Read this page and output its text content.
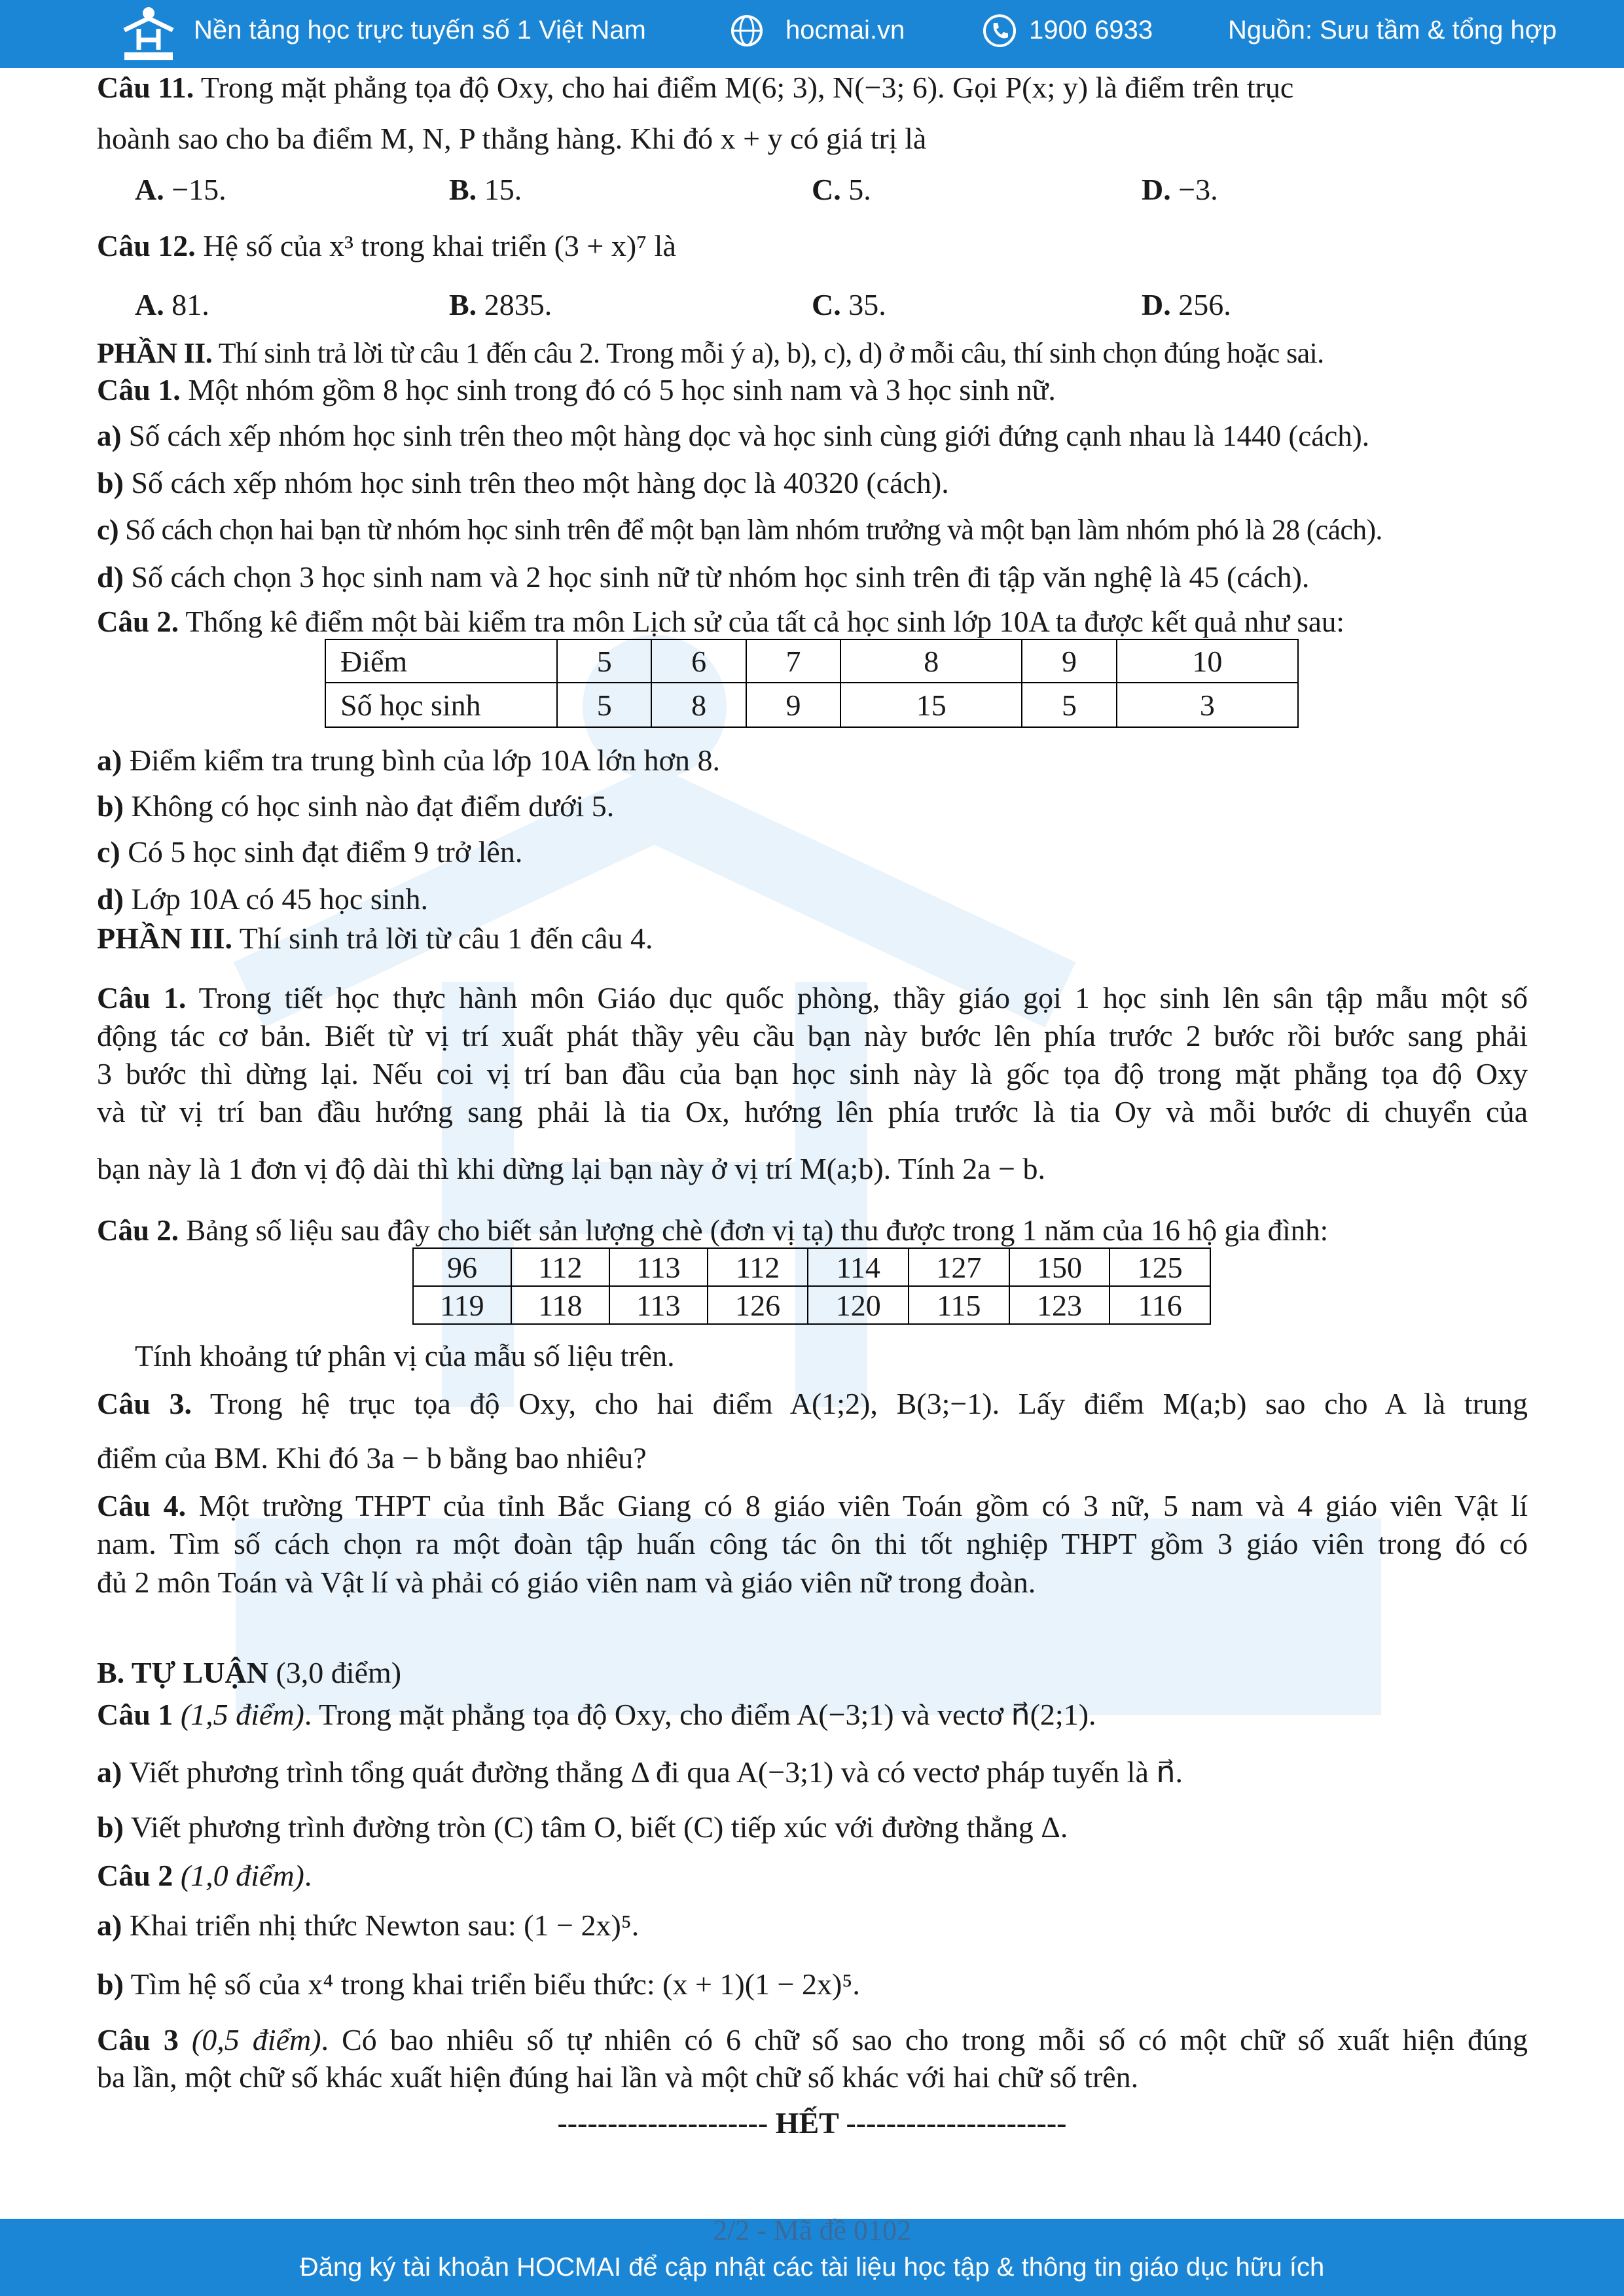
Nền tảng học trực tuyến số 1 Việt Nam	hocmai.vn	1900 6933	Nguồn: Sưu tầm & tổng hợp
Câu 11. Trong mặt phẳng tọa độ Oxy, cho hai điểm M(6; 3), N(−3; 6). Gọi P(x; y) là điểm trên trục
hoành sao cho ba điểm M, N, P thẳng hàng. Khi đó x + y có giá trị là
A. −15.	B. 15.	C. 5.	D. −3.
Câu 12. Hệ số của x³ trong khai triển (3 + x)⁷ là
A. 81.	B. 2835.	C. 35.	D. 256.
PHẦN II. Thí sinh trả lời từ câu 1 đến câu 2. Trong mỗi ý a), b), c), d) ở mỗi câu, thí sinh chọn đúng hoặc sai.
Câu 1. Một nhóm gồm 8 học sinh trong đó có 5 học sinh nam và 3 học sinh nữ.
a) Số cách xếp nhóm học sinh trên theo một hàng dọc và học sinh cùng giới đứng cạnh nhau là 1440 (cách).
b) Số cách xếp nhóm học sinh trên theo một hàng dọc là 40320 (cách).
c) Số cách chọn hai bạn từ nhóm học sinh trên để một bạn làm nhóm trưởng và một bạn làm nhóm phó là 28 (cách).
d) Số cách chọn 3 học sinh nam và 2 học sinh nữ từ nhóm học sinh trên đi tập văn nghệ là 45 (cách).
Câu 2. Thống kê điểm một bài kiểm tra môn Lịch sử của tất cả học sinh lớp 10A ta được kết quả như sau:
Điểm	5	6	7	8	9	10
Số học sinh	5	8	9	15	5	3
a) Điểm kiểm tra trung bình của lớp 10A lớn hơn 8.
b) Không có học sinh nào đạt điểm dưới 5.
c) Có 5 học sinh đạt điểm 9 trở lên.
d) Lớp 10A có 45 học sinh.
PHẦN III. Thí sinh trả lời từ câu 1 đến câu 4.
Câu 1. Trong tiết học thực hành môn Giáo dục quốc phòng, thầy giáo gọi 1 học sinh lên sân tập mẫu một số
động tác cơ bản. Biết từ vị trí xuất phát thầy yêu cầu bạn này bước lên phía trước 2 bước rồi bước sang phải
3 bước thì dừng lại. Nếu coi vị trí ban đầu của bạn học sinh này là gốc tọa độ trong mặt phẳng tọa độ Oxy
và từ vị trí ban đầu hướng sang phải là tia Ox, hướng lên phía trước là tia Oy và mỗi bước di chuyển của
bạn này là 1 đơn vị độ dài thì khi dừng lại bạn này ở vị trí M(a;b). Tính 2a − b.
Câu 2. Bảng số liệu sau đây cho biết sản lượng chè (đơn vị tạ) thu được trong 1 năm của 16 hộ gia đình:
96	112	113	112	114	127	150	125
119	118	113	126	120	115	123	116
Tính khoảng tứ phân vị của mẫu số liệu trên.
Câu 3. Trong hệ trục tọa độ Oxy, cho hai điểm A(1;2), B(3;−1). Lấy điểm M(a;b) sao cho A là trung
điểm của BM. Khi đó 3a − b bằng bao nhiêu?
Câu 4. Một trường THPT của tỉnh Bắc Giang có 8 giáo viên Toán gồm có 3 nữ, 5 nam và 4 giáo viên Vật lí
nam. Tìm số cách chọn ra một đoàn tập huấn công tác ôn thi tốt nghiệp THPT gồm 3 giáo viên trong đó có
đủ 2 môn Toán và Vật lí và phải có giáo viên nam và giáo viên nữ trong đoàn.
B. TỰ LUẬN (3,0 điểm)
Câu 1 (1,5 điểm). Trong mặt phẳng tọa độ Oxy, cho điểm A(−3;1) và vectơ n⃗(2;1).
a) Viết phương trình tổng quát đường thẳng Δ đi qua A(−3;1) và có vectơ pháp tuyến là n⃗.
b) Viết phương trình đường tròn (C) tâm O, biết (C) tiếp xúc với đường thẳng Δ.
Câu 2 (1,0 điểm).
a) Khai triển nhị thức Newton sau: (1 − 2x)⁵.
b) Tìm hệ số của x⁴ trong khai triển biểu thức: (x + 1)(1 − 2x)⁵.
Câu 3 (0,5 điểm). Có bao nhiêu số tự nhiên có 6 chữ số sao cho trong mỗi số có một chữ số xuất hiện đúng
ba lần, một chữ số khác xuất hiện đúng hai lần và một chữ số khác với hai chữ số trên.
--------------------- HẾT ----------------------
Đăng ký tài khoản HOCMAI để cập nhật các tài liệu học tập & thông tin giáo dục hữu ích
2/2 - Mã đề 0102
